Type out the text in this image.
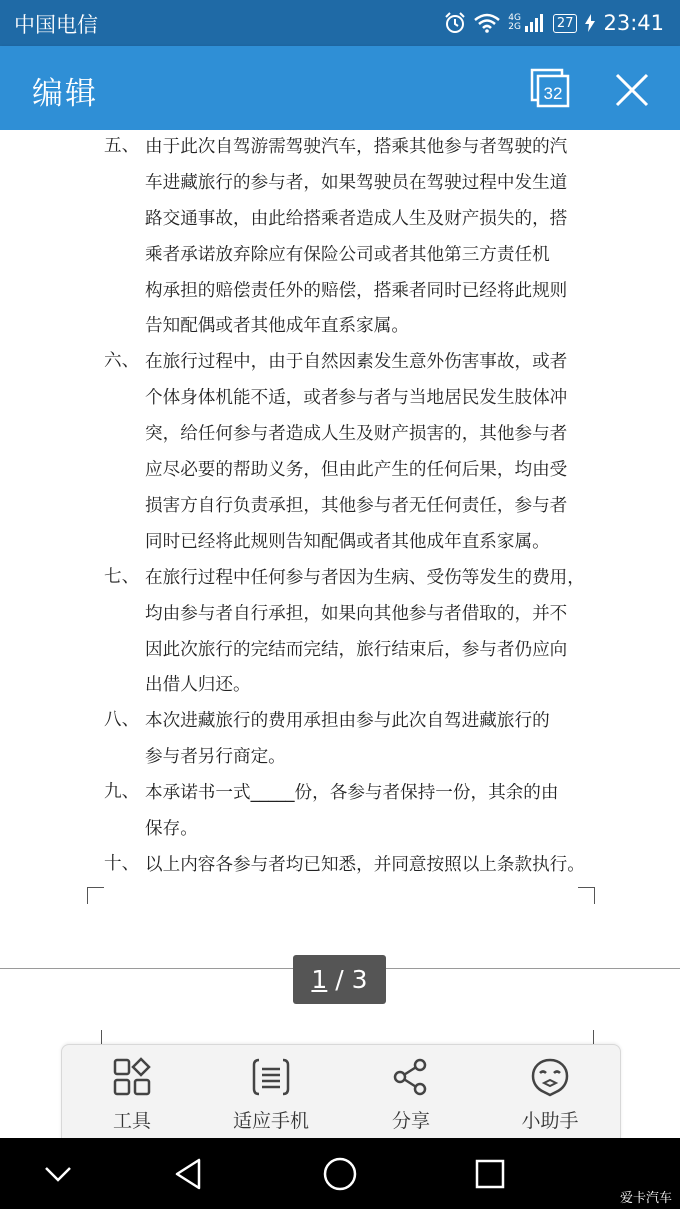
中国电信	4G
2G	27 23:41
编辑	32
五、 由于此次自驾游需驾驶汽车，搭乘其他参与者驾驶的汽
车进藏旅行的参与者，如果驾驶员在驾驶过程中发生道
路交通事故，由此给搭乘者造成人生及财产损失的，搭
乘者承诺放弃除应有保险公司或者其他第三方责任机
构承担的赔偿责任外的赔偿，搭乘者同时已经将此规则
告知配偶或者其他成年直系家属。
六、 在旅行过程中，由于自然因素发生意外伤害事故，或者
个体身体机能不适，或者参与者与当地居民发生肢体冲
突，给任何参与者造成人生及财产损害的，其他参与者
应尽必要的帮助义务，但由此产生的任何后果，均由受
损害方自行负责承担，其他参与者无任何责任，参与者
同时已经将此规则告知配偶或者其他成年直系家属。
七、 在旅行过程中任何参与者因为生病、受伤等发生的费用，
均由参与者自行承担，如果向其他参与者借取的，并不
因此次旅行的完结而完结，旅行结束后，参与者仍应向
出借人归还。
八、 本次进藏旅行的费用承担由参与此次自驾进藏旅行的
参与者另行商定。
九、 本承诺书一式_____份，各参与者保持一份，其余的由
保存。
十、 以上内容各参与者均已知悉，并同意按照以上条款执行。
1 / 3
工具	适应手机	分享	小助手
爱卡汽车
